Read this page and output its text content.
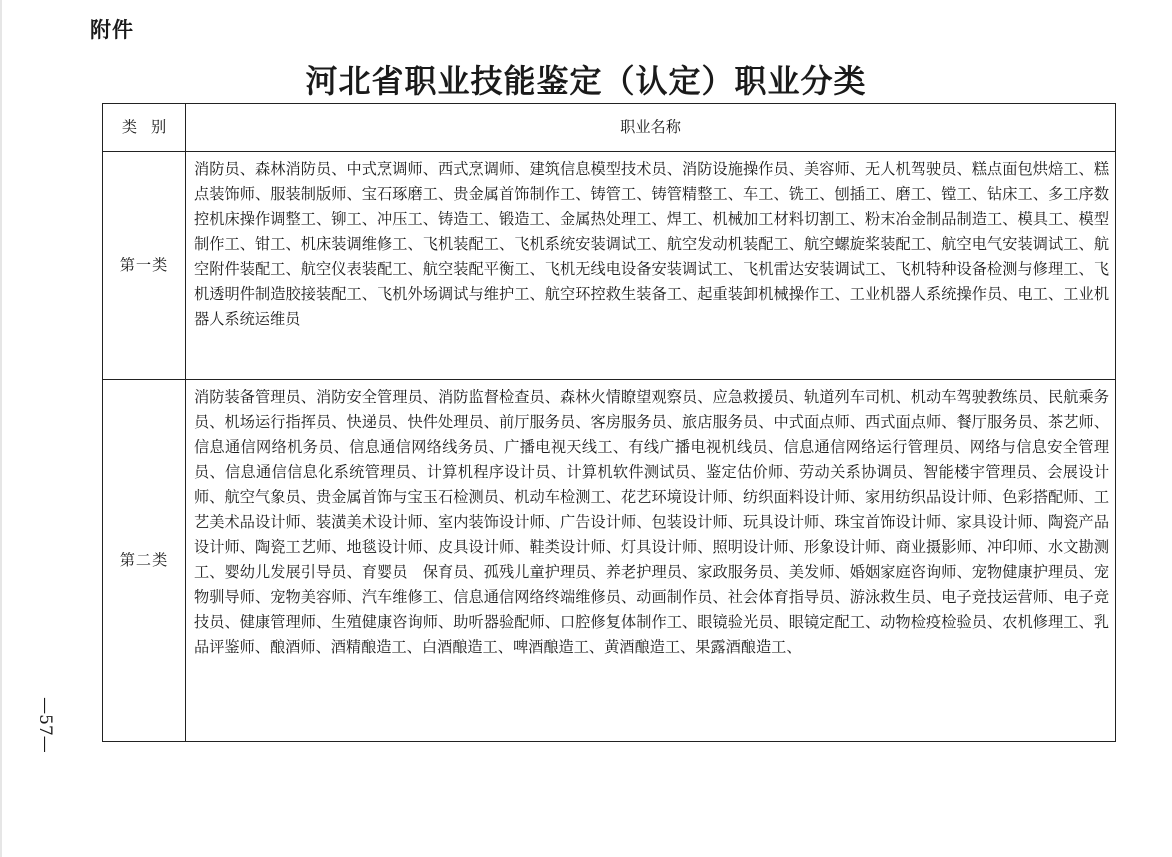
附件
河北省职业技能鉴定（认定）职业分类
类别	职业名称
第一类	消防员、森林消防员、中式烹调师、西式烹调师、建筑信息模型技术员、消防设施操作员、美容师、无人机驾驶员、糕点面包烘焙工、糕点装饰师、服装制版师、宝石琢磨工、贵金属首饰制作工、铸管工、铸管精整工、车工、铣工、刨插工、磨工、镗工、钻床工、多工序数控机床操作调整工、铆工、冲压工、铸造工、锻造工、金属热处理工、焊工、机械加工材料切割工、粉末冶金制品制造工、模具工、模型制作工、钳工、机床装调维修工、飞机装配工、飞机系统安装调试工、航空发动机装配工、航空螺旋桨装配工、航空电气安装调试工、航空附件装配工、航空仪表装配工、航空装配平衡工、飞机无线电设备安装调试工、飞机雷达安装调试工、飞机特种设备检测与修理工、飞机透明件制造胶接装配工、飞机外场调试与维护工、航空环控救生装备工、起重装卸机械操作工、工业机器人系统操作员、电工、工业机器人系统运维员
第二类	消防装备管理员、消防安全管理员、消防监督检查员、森林火情瞭望观察员、应急救援员、轨道列车司机、机动车驾驶教练员、民航乘务员、机场运行指挥员、快递员、快件处理员、前厅服务员、客房服务员、旅店服务员、中式面点师、西式面点师、餐厅服务员、茶艺师、信息通信网络机务员、信息通信网络线务员、广播电视天线工、有线广播电视机线员、信息通信网络运行管理员、网络与信息安全管理员、信息通信信息化系统管理员、计算机程序设计员、计算机软件测试员、鉴定估价师、劳动关系协调员、智能楼宇管理员、会展设计师、航空气象员、贵金属首饰与宝玉石检测员、机动车检测工、花艺环境设计师、纺织面料设计师、家用纺织品设计师、色彩搭配师、工艺美术品设计师、装潢美术设计师、室内装饰设计师、广告设计师、包装设计师、玩具设计师、珠宝首饰设计师、家具设计师、陶瓷产品设计师、陶瓷工艺师、地毯设计师、皮具设计师、鞋类设计师、灯具设计师、照明设计师、形象设计师、商业摄影师、冲印师、水文勘测工、婴幼儿发展引导员、育婴员　保育员、孤残儿童护理员、养老护理员、家政服务员、美发师、婚姻家庭咨询师、宠物健康护理员、宠物驯导师、宠物美容师、汽车维修工、信息通信网络终端维修员、动画制作员、社会体育指导员、游泳救生员、电子竞技运营师、电子竞技员、健康管理师、生殖健康咨询师、助听器验配师、口腔修复体制作工、眼镜验光员、眼镜定配工、动物检疫检验员、农机修理工、乳品评鉴师、酿酒师、酒精酿造工、白酒酿造工、啤酒酿造工、黄酒酿造工、果露酒酿造工、
—57—
